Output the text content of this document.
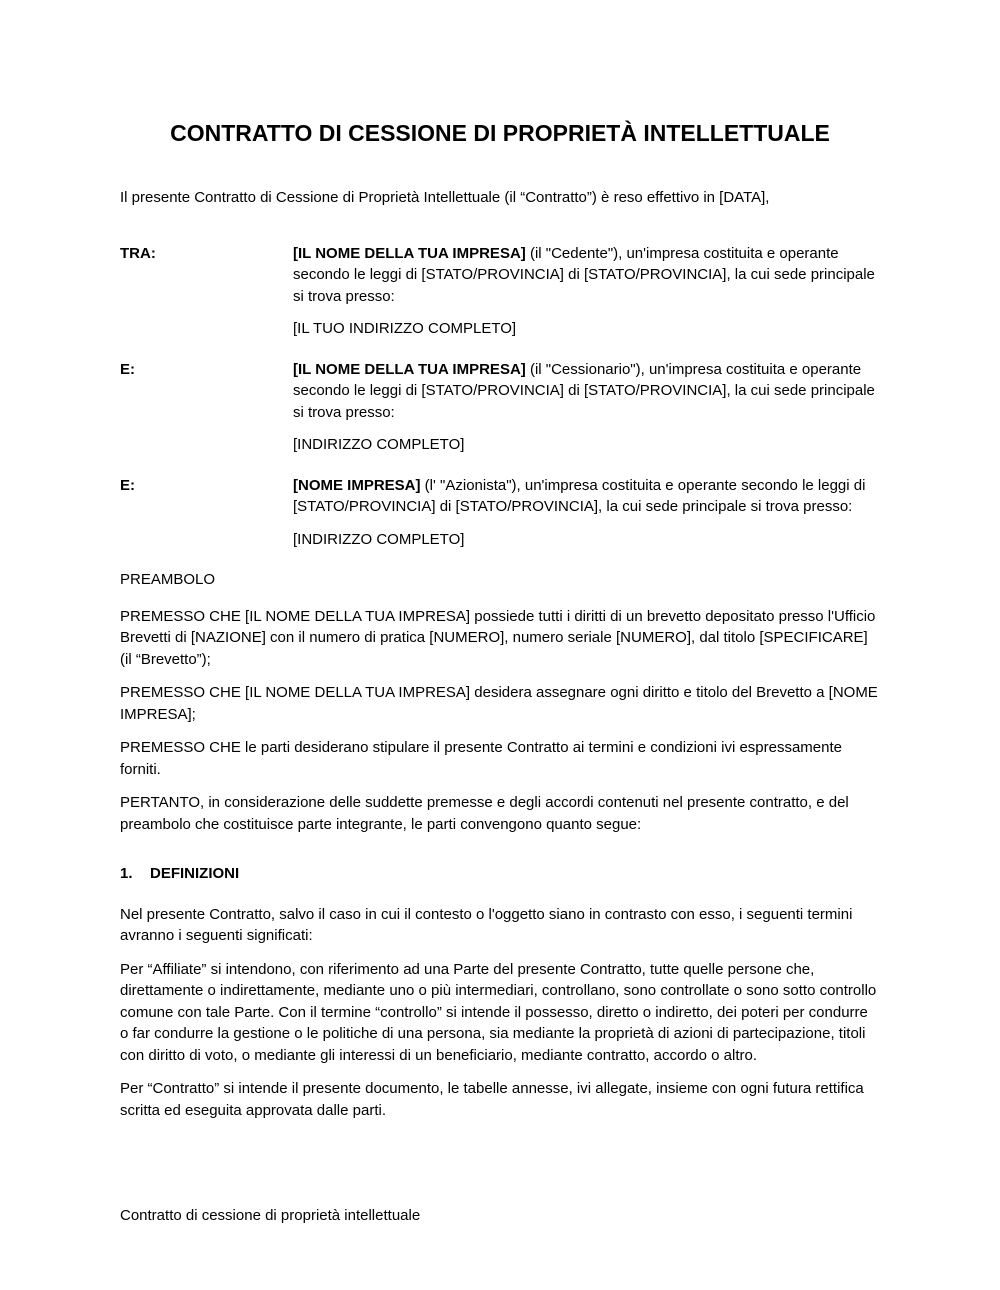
CONTRATTO DI CESSIONE DI PROPRIETÀ INTELLETTUALE

Il presente Contratto di Cessione di Proprietà Intellettuale (il “Contratto”) è reso effettivo in [DATA],

TRA:	[IL NOME DELLA TUA IMPRESA] (il "Cedente"), un'impresa costituita e operante secondo le leggi di [STATO/PROVINCIA] di [STATO/PROVINCIA], la cui sede principale si trova presso:

[IL TUO INDIRIZZO COMPLETO]

E:	[IL NOME DELLA TUA IMPRESA] (il "Cessionario"), un'impresa costituita e operante secondo le leggi di [STATO/PROVINCIA] di [STATO/PROVINCIA], la cui sede principale si trova presso:

[INDIRIZZO COMPLETO]

E:	[NOME IMPRESA] (l' "Azionista"), un'impresa costituita e operante secondo le leggi di [STATO/PROVINCIA] di [STATO/PROVINCIA], la cui sede principale si trova presso:

[INDIRIZZO COMPLETO]

PREAMBOLO

PREMESSO CHE [IL NOME DELLA TUA IMPRESA] possiede tutti i diritti di un brevetto depositato presso l'Ufficio Brevetti di [NAZIONE] con il numero di pratica [NUMERO], numero seriale [NUMERO], dal titolo [SPECIFICARE] (il “Brevetto”);

PREMESSO CHE [IL NOME DELLA TUA IMPRESA] desidera assegnare ogni diritto e titolo del Brevetto a [NOME IMPRESA];

PREMESSO CHE le parti desiderano stipulare il presente Contratto ai termini e condizioni ivi espressamente forniti.

PERTANTO, in considerazione delle suddette premesse e degli accordi contenuti nel presente contratto, e del preambolo che costituisce parte integrante, le parti convengono quanto segue:

1. DEFINIZIONI

Nel presente Contratto, salvo il caso in cui il contesto o l'oggetto siano in contrasto con esso, i seguenti termini avranno i seguenti significati:

Per “Affiliate” si intendono, con riferimento ad una Parte del presente Contratto, tutte quelle persone che, direttamente o indirettamente, mediante uno o più intermediari, controllano, sono controllate o sono sotto controllo comune con tale Parte. Con il termine “controllo” si intende il possesso, diretto o indiretto, dei poteri per condurre o far condurre la gestione o le politiche di una persona, sia mediante la proprietà di azioni di partecipazione, titoli con diritto di voto, o mediante gli interessi di un beneficiario, mediante contratto, accordo o altro.

Per “Contratto” si intende il presente documento, le tabelle annesse, ivi allegate, insieme con ogni futura rettifica scritta ed eseguita approvata dalle parti.

Contratto di cessione di proprietà intellettuale
